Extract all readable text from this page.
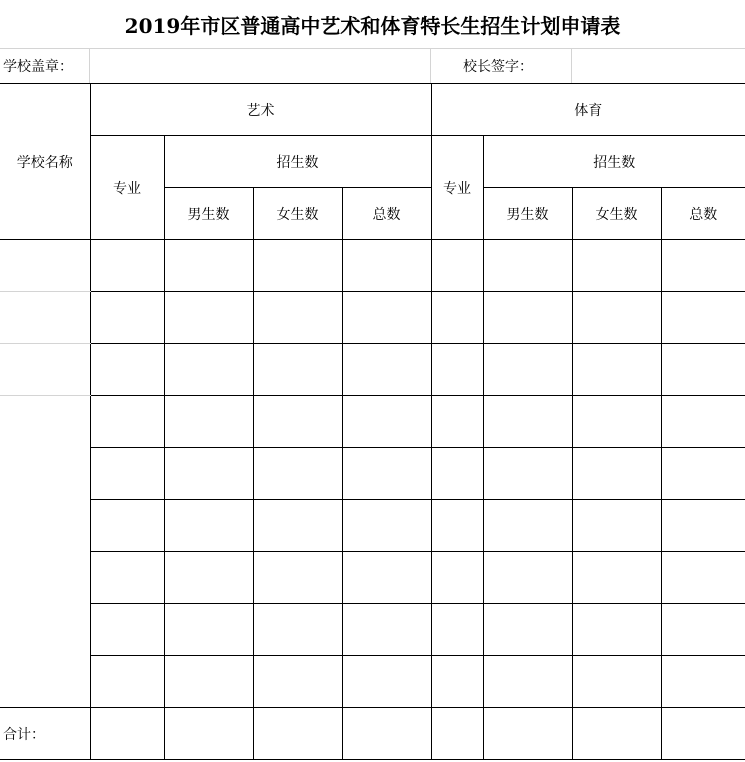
2019年市区普通高中艺术和体育特长生招生计划申请表
学校盖章：	校长签字：
学校名称	艺术				体育			
	专业	招生数			专业	招生数		
		男生数	女生数	总数		男生数	女生数	总数

合计：								
